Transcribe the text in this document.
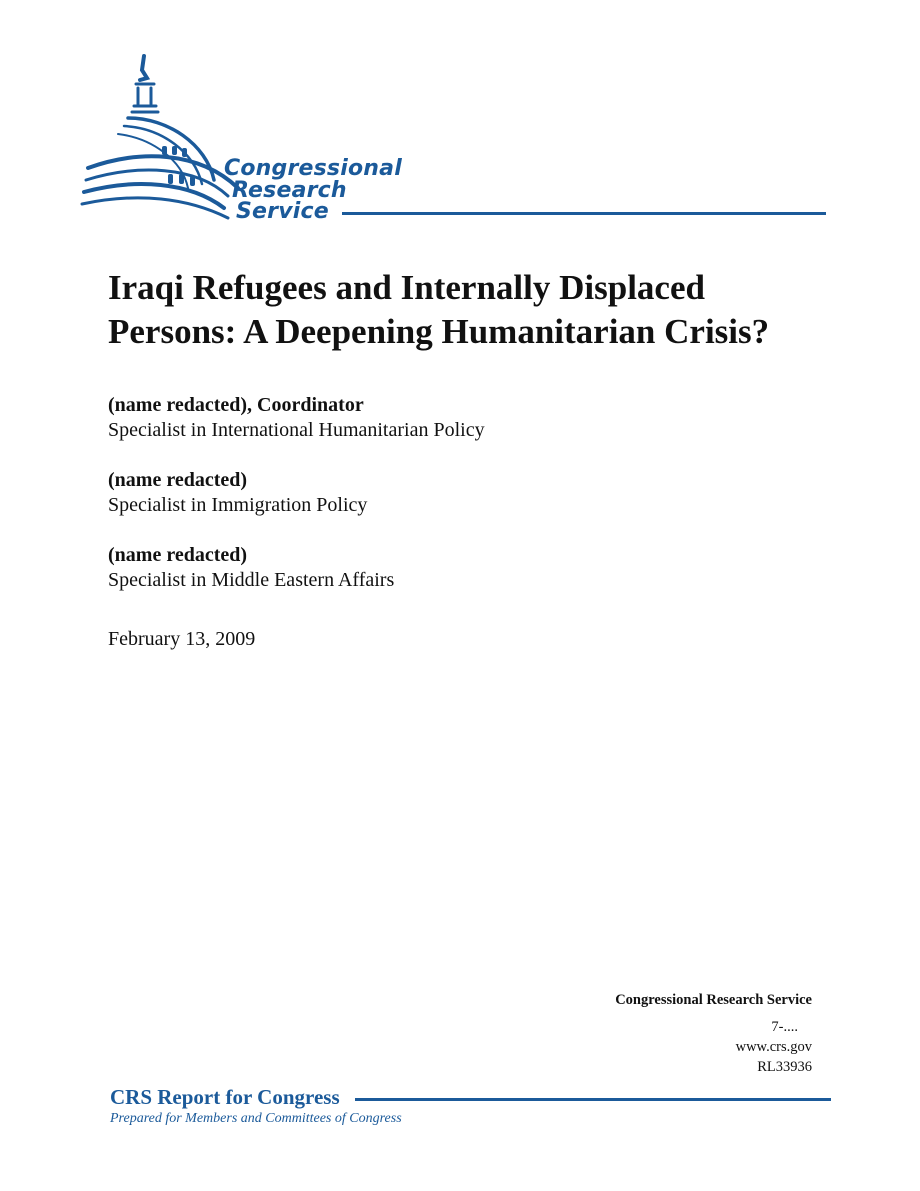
Congressional
Research
Service
Iraqi Refugees and Internally Displaced
Persons: A Deepening Humanitarian Crisis?
(name redacted), Coordinator
Specialist in International Humanitarian Policy
(name redacted)
Specialist in Immigration Policy
(name redacted)
Specialist in Middle Eastern Affairs
February 13, 2009
Congressional Research Service
7-....
www.crs.gov
RL33936
CRS Report for Congress
Prepared for Members and Committees of Congress
